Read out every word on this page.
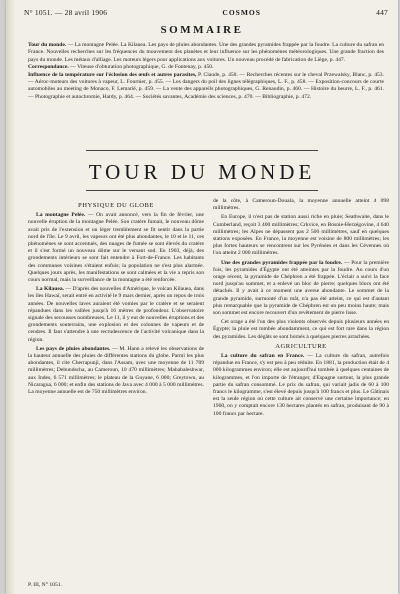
N° 1051. — 28 avril 1906	COSMOS	447
SOMMAIRE

Tour du monde. — La montagne Pelée. La Kilauea. Les pays de pluies abondantes. Une des grandes pyramides frappée par la foudre. La culture du safran en France. Nouvelles recherches sur les fréquences du mouvement des planètes et leur influence sur les phénomènes météorologiques. Une grande fraction des pays du monde. Les métaux d'alliage. Les moteurs légers pour applications aux voitures. Un nouveau procédé de fabrication de Liège, p. 447.

Correspondance. — Viteuse d'obturation photographique, G. de Fontenay, p. 450.

Influence de la température sur l'éclosion des œufs et autres parasites, P. Claude, p. 450. — Recherches récentes sur le cheval Przewalsky, Blanc, p. 453. — Aéroc-moteurs des voitures à vapeur, L. Fournier, p. 455. — Les dangers du poil des lignes télégraphiques, L. F., p. 458. — Exposition-concours de courte automobiles au meeting de Monaco, F. Lemarié, p. 459. — La vente des appareils photographiques, G. Renaudin, p. 460. — Histoire du beurre, L. F., p. 461. — Photographie et autochromie, Hardy, p. 464. — Sociétés savantes, Académie des sciences, p. 470. — Bibliographie, p. 472.

TOUR DU MONDE

PHYSIQUE DU GLOBE

La montagne Pelée. — On avait annoncé, vers la fin de février, une nouvelle éruption de la montagne Pelée. Son cratère fumait, le nouveau dôme avait pris de l'extension et un léger tremblement se fit sentir dans la partie nord de l'île. Le 9 avril, les vapeurs ont été plus abondantes, le 10 et le 11, ces phénomènes se sont accentués, des nuages de fumée se sont élevés du cratère et il s'est formé un nouveau dôme sur le versant sud. En 1903, déjà, des grondements intérieurs se sont fait entendre à Fort-de-France. Les habitants des communes voisines s'étaient enfuis; la population ne s'est plus alarmée. Quelques jours après, les manifestations se sont calmées et la vie a repris son cours normal, mais la surveillance de la montagne a été renforcée.

La Kilauea. — D'après des nouvelles d'Amérique, le volcan Kilauea, dans les îles Hawaï, serait entré en activité le 9 mars dernier, après un repos de trois années. De nouvelles laves auraient été vomies par le cratère et se seraient répandues dans les vallées jusqu'à 16 mètres de profondeur. L'observatoire signale des secousses nombreuses. Le 11, il y eut de nouvelles éruptions et des grondements souterrains, une explosion et des colonnes de vapeurs et de cendres. Il faut s'attendre à une recrudescence de l'activité volcanique dans la région.

Les pays de pluies abondantes. — M. Hann a relevé les observations de la hauteur annuelle des pluies de différentes stations du globe. Parmi les plus abondantes, il cite Cherrapunji, dans l'Assam, avec une moyenne de 11 789 millimètres; Debundscha, au Cameroun, 10 470 millimètres; Mahabaleshwar, aux Indes, 6 571 millimètres; le plateau de la Guyane, 6 000; Greytown, au Nicaragua, 6 000; et enfin des stations de Java avec 4 000 à 5 000 millimètres. La moyenne annuelle est de 750 millimètres environ.

de la côte, à Cameroun-Douala, la moyenne annuelle atteint 4 098 millimètres.

En Europe, il n'est pas de station aussi riche en pluie; Seathwaite, dans le Cumberland, reçoit 3 400 millimètres; Crkvice, en Bosnie-Herzégovine, 4 640 millimètres; les Alpes ne dépassent pas 2 500 millimètres, sauf en quelques stations exposées. En France, la moyenne est voisine de 800 millimètres; les plus fortes hauteurs se rencontrent sur les Pyrénées et dans les Cévennes où l'on atteint 2 000 millimètres.

Une des grandes pyramides frappée par la foudre. — Pour la première fois, les pyramides d'Égypte ont été atteintes par la foudre. Au cours d'un orage récent, la pyramide de Chéphren a été frappée. L'éclair a suivi la face nord jusqu'au sommet, et a enlevé un bloc de pierre; quelques blocs ont été détachés. Il y avait à ce moment une averse abondante. Le sommet de la grande pyramide, surmonté d'un mât, n'a pas été atteint, ce qui est d'autant plus remarquable que la pyramide de Chéphren est un peu moins haute; mais son sommet est encore recouvert d'un revêtement de pierre lisse.

Cet orage a été l'un des plus violents observés depuis plusieurs années en Égypte; la pluie est tombée abondamment, ce qui est fort rare dans la région des pyramides. Les dégâts se sont bornés à quelques pierres arrachées.

AGRICULTURE

La culture du safran en France. — La culture du safran, autrefois répandue en France, s'y est peu à peu réduite. En 1881, la production était de 4 000 kilogrammes environ; elle est aujourd'hui tombée à quelques centaines de kilogrammes, et l'on importe de l'étranger, d'Espagne surtout, la plus grande partie du safran consommé. Le prix du safran, qui variait jadis de 60 à 100 francs le kilogramme, s'est élevé depuis jusqu'à 100 francs et plus. Le Gâtinais est la seule région où cette culture ait conservé une certaine importance; en 1900, on y comptait encore 130 hectares plantés en safran, produisant de 90 à 100 francs par hectare.

P. III, N° 1051.
